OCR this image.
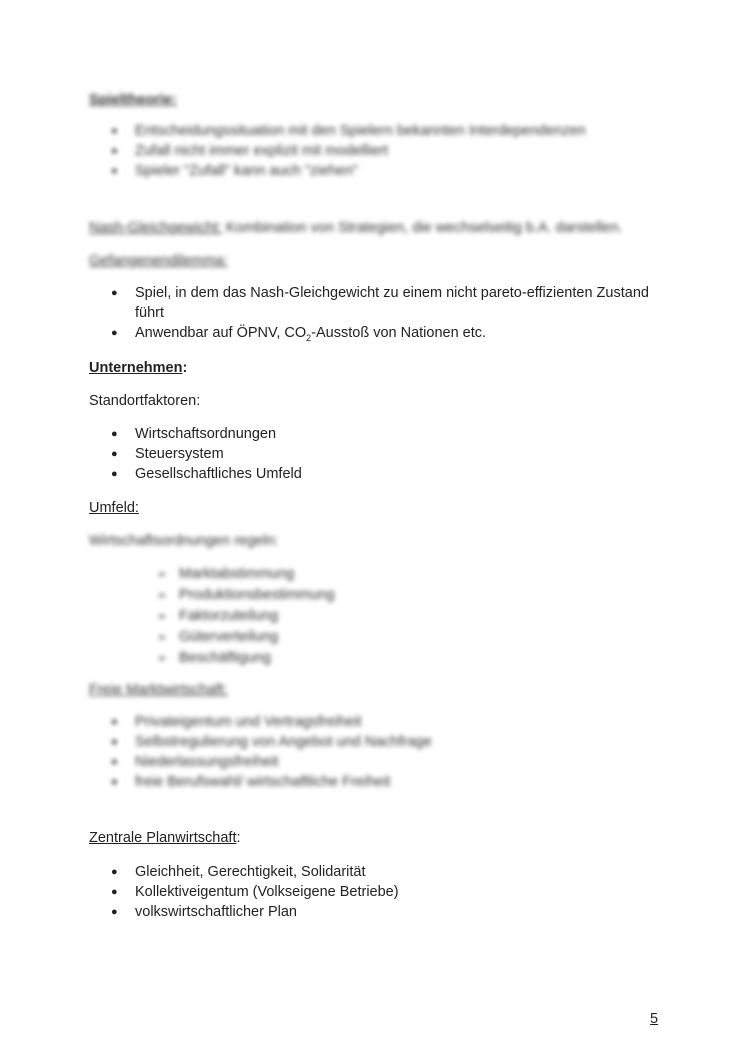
Spieltheorie:
● Entscheidungssituation mit den Spielern bekannten Interdependenzen
● Zufall nicht immer explizit mit modelliert
● Spieler "Zufall" kann auch "ziehen"
Nash-Gleichgewicht: Kombination von Strategien, die wechselseitig b.A. darstellen.
Gefangenendilemma:
● Spiel, in dem das Nash-Gleichgewicht zu einem nicht pareto-effizienten Zustand führt
● Anwendbar auf ÖPNV, $CO_2$-Ausstoß von Nationen etc.
Unternehmen:
Standortfaktoren:
● Wirtschaftsordnungen
● Steuersystem
● Gesellschaftliches Umfeld
Umfeld:
Wirtschaftsordnungen regeln:
➢ Marktabstimmung
➢ Produktionsbestimmung
➢ Faktorzuteilung
➢ Güterverteilung
➢ Beschäftigung
Freie Marktwirtschaft:
● Privateigentum und Vertragsfreiheit
● Selbstregulierung von Angebot und Nachfrage
● Niederlassungsfreiheit
● freie Berufswahl/ wirtschaftliche Freiheit
Zentrale Planwirtschaft:
● Gleichheit, Gerechtigkeit, Solidarität
● Kollektiveigentum (Volkseigene Betriebe)
● volkswirtschaftlicher Plan
5
